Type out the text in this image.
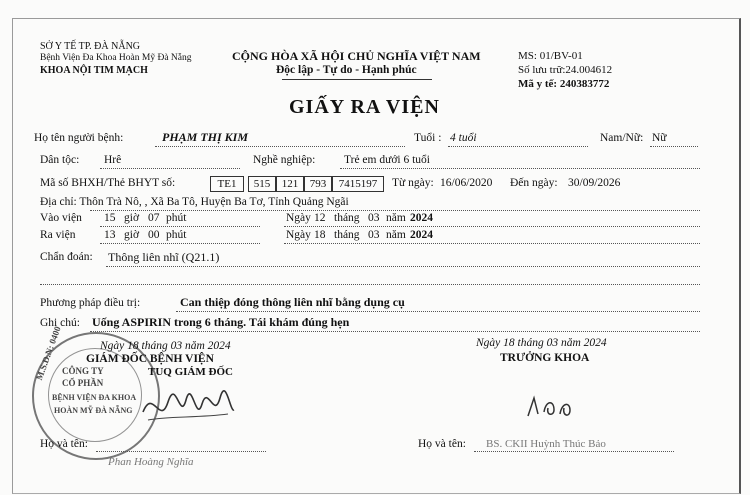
SỞ Y TẾ TP. ĐÀ NẴNG
Bệnh Viện Đa Khoa Hoàn Mỹ Đà Nẵng
KHOA NỘI TIM MẠCH
CỘNG HÒA XÃ HỘI CHỦ NGHĨA VIỆT NAM
Độc lập - Tự do - Hạnh phúc
MS: 01/BV-01
Số lưu trữ:24.004612
Mã y tế: 240383772
GIẤY RA VIỆN
Họ tên người bệnh:	PHẠM THỊ KIM	Tuổi : 4 tuổi	Nam/Nữ: Nữ
Dân tộc: Hrê	Nghề nghiệp: Trẻ em dưới 6 tuổi
Mã số BHXH/Thẻ BHYT số:	TE1	515	121	793	7415197	Từ ngày: 16/06/2020 Đến ngày: 30/09/2026
Địa chỉ: Thôn Trà Nô, , Xã Ba Tô, Huyện Ba Tơ, Tỉnh Quảng Ngãi
Vào viện 15 giờ 07 phút	Ngày 12 tháng 03 năm 2024
Ra viện 13 giờ 00 phút	Ngày 18 tháng 03 năm 2024
Chẩn đoán: Thông liên nhĩ (Q21.1)
Phương pháp điều trị:	Can thiệp đóng thông liên nhĩ bằng dụng cụ
Ghi chú: Uống ASPIRIN trong 6 tháng. Tái khám đúng hẹn
M.S.D.N: 0400 CÔNG TY
CỔ PHẦN
BỆNH VIỆN ĐA KHOA
HOÀN MỸ ĐÀ NẴNG
Ngày 18 tháng 03 năm 2024
GIÁM ĐỐC BỆNH VIỆN
TUQ GIÁM ĐỐC
Họ và tên:
Phan Hoàng Nghĩa
Ngày 18 tháng 03 năm 2024
TRƯỞNG KHOA
Họ và tên: BS. CKII Huỳnh Thúc Bảo
